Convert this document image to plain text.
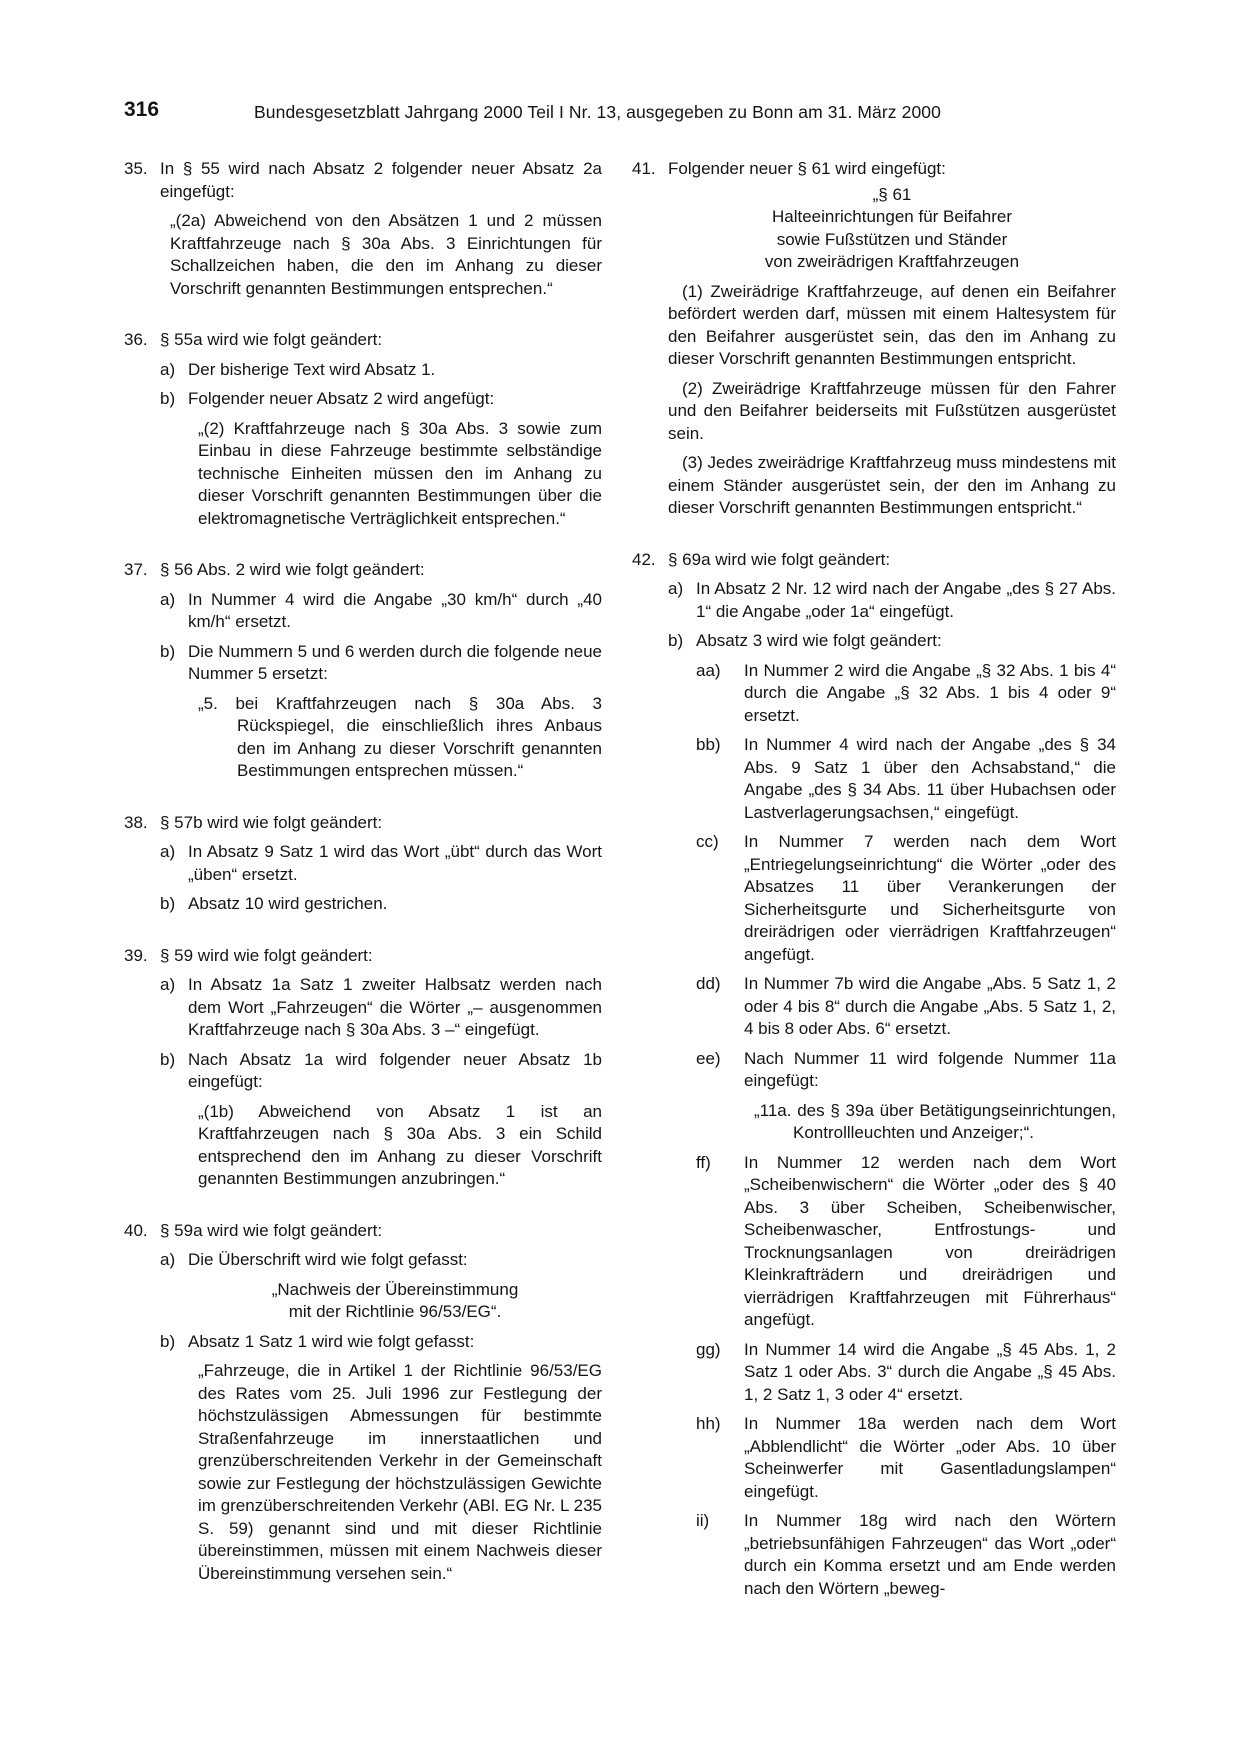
316	Bundesgesetzblatt Jahrgang 2000 Teil I Nr. 13, ausgegeben zu Bonn am 31. März 2000
35. In § 55 wird nach Absatz 2 folgender neuer Absatz 2a eingefügt:
„(2a) Abweichend von den Absätzen 1 und 2 müssen Kraftfahrzeuge nach § 30a Abs. 3 Einrichtungen für Schallzeichen haben, die den im Anhang zu dieser Vorschrift genannten Bestimmungen entsprechen.“
36. § 55a wird wie folgt geändert:
a) Der bisherige Text wird Absatz 1.
b) Folgender neuer Absatz 2 wird angefügt:
„(2) Kraftfahrzeuge nach § 30a Abs. 3 sowie zum Einbau in diese Fahrzeuge bestimmte selbständige technische Einheiten müssen den im Anhang zu dieser Vorschrift genannten Bestimmungen über die elektromagnetische Verträglichkeit entsprechen.“
37. § 56 Abs. 2 wird wie folgt geändert:
a) In Nummer 4 wird die Angabe „30 km/h“ durch „40 km/h“ ersetzt.
b) Die Nummern 5 und 6 werden durch die folgende neue Nummer 5 ersetzt:
„5. bei Kraftfahrzeugen nach § 30a Abs. 3 Rückspiegel, die einschließlich ihres Anbaus den im Anhang zu dieser Vorschrift genannten Bestimmungen entsprechen müssen.“
38. § 57b wird wie folgt geändert:
a) In Absatz 9 Satz 1 wird das Wort „übt“ durch das Wort „üben“ ersetzt.
b) Absatz 10 wird gestrichen.
39. § 59 wird wie folgt geändert:
a) In Absatz 1a Satz 1 zweiter Halbsatz werden nach dem Wort „Fahrzeugen“ die Wörter „– ausgenommen Kraftfahrzeuge nach § 30a Abs. 3 –“ eingefügt.
b) Nach Absatz 1a wird folgender neuer Absatz 1b eingefügt:
„(1b) Abweichend von Absatz 1 ist an Kraftfahrzeugen nach § 30a Abs. 3 ein Schild entsprechend den im Anhang zu dieser Vorschrift genannten Bestimmungen anzubringen.“
40. § 59a wird wie folgt geändert:
a) Die Überschrift wird wie folgt gefasst:
„Nachweis der Übereinstimmung
mit der Richtlinie 96/53/EG“.
b) Absatz 1 Satz 1 wird wie folgt gefasst:
„Fahrzeuge, die in Artikel 1 der Richtlinie 96/53/EG des Rates vom 25. Juli 1996 zur Festlegung der höchstzulässigen Abmessungen für bestimmte Straßenfahrzeuge im innerstaatlichen und grenzüberschreitenden Verkehr in der Gemeinschaft sowie zur Festlegung der höchstzulässigen Gewichte im grenzüberschreitenden Verkehr (ABl. EG Nr. L 235 S. 59) genannt sind und mit dieser Richtlinie übereinstimmen, müssen mit einem Nachweis dieser Übereinstimmung versehen sein.“
41. Folgender neuer § 61 wird eingefügt:
„§ 61
Halteeinrichtungen für Beifahrer
sowie Fußstützen und Ständer
von zweirädrigen Kraftfahrzeugen
(1) Zweirädrige Kraftfahrzeuge, auf denen ein Beifahrer befördert werden darf, müssen mit einem Haltesystem für den Beifahrer ausgerüstet sein, das den im Anhang zu dieser Vorschrift genannten Bestimmungen entspricht.
(2) Zweirädrige Kraftfahrzeuge müssen für den Fahrer und den Beifahrer beiderseits mit Fußstützen ausgerüstet sein.
(3) Jedes zweirädrige Kraftfahrzeug muss mindestens mit einem Ständer ausgerüstet sein, der den im Anhang zu dieser Vorschrift genannten Bestimmungen entspricht.“
42. § 69a wird wie folgt geändert:
a) In Absatz 2 Nr. 12 wird nach der Angabe „des § 27 Abs. 1“ die Angabe „oder 1a“ eingefügt.
b) Absatz 3 wird wie folgt geändert:
aa) In Nummer 2 wird die Angabe „§ 32 Abs. 1 bis 4“ durch die Angabe „§ 32 Abs. 1 bis 4 oder 9“ ersetzt.
bb) In Nummer 4 wird nach der Angabe „des § 34 Abs. 9 Satz 1 über den Achsabstand,“ die Angabe „des § 34 Abs. 11 über Hubachsen oder Lastverlagerungsachsen,“ eingefügt.
cc) In Nummer 7 werden nach dem Wort „Entriegelungseinrichtung“ die Wörter „oder des Absatzes 11 über Verankerungen der Sicherheitsgurte und Sicherheitsgurte von dreirädrigen oder vierrädrigen Kraftfahrzeugen“ angefügt.
dd) In Nummer 7b wird die Angabe „Abs. 5 Satz 1, 2 oder 4 bis 8“ durch die Angabe „Abs. 5 Satz 1, 2, 4 bis 8 oder Abs. 6“ ersetzt.
ee) Nach Nummer 11 wird folgende Nummer 11a eingefügt:
„11a. des § 39a über Betätigungseinrichtungen, Kontrollleuchten und Anzeiger;“.
ff) In Nummer 12 werden nach dem Wort „Scheibenwischern“ die Wörter „oder des § 40 Abs. 3 über Scheiben, Scheibenwischer, Scheibenwascher, Entfrostungs- und Trocknungsanlagen von dreirädrigen Kleinkrafträdern und dreirädrigen und vierrädrigen Kraftfahrzeugen mit Führerhaus“ angefügt.
gg) In Nummer 14 wird die Angabe „§ 45 Abs. 1, 2 Satz 1 oder Abs. 3“ durch die Angabe „§ 45 Abs. 1, 2 Satz 1, 3 oder 4“ ersetzt.
hh) In Nummer 18a werden nach dem Wort „Abblendlicht“ die Wörter „oder Abs. 10 über Scheinwerfer mit Gasentladungslampen“ eingefügt.
ii) In Nummer 18g wird nach den Wörtern „betriebsunfähigen Fahrzeugen“ das Wort „oder“ durch ein Komma ersetzt und am Ende werden nach den Wörtern „beweg-
